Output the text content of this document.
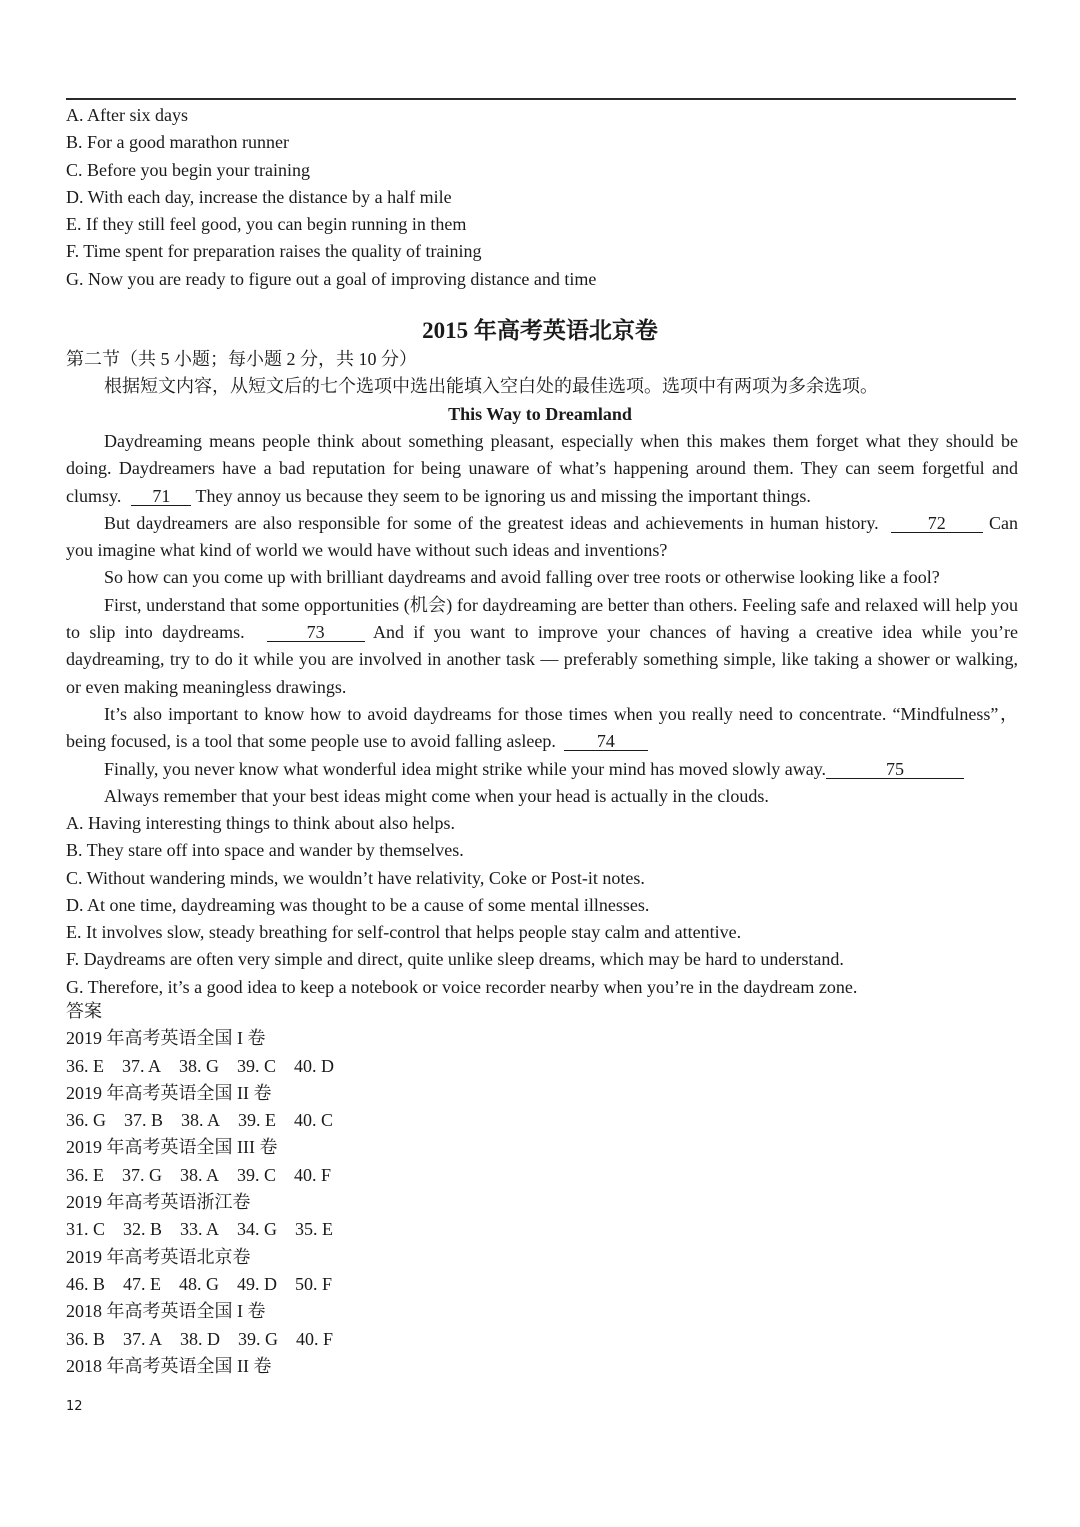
A. After six days
B. For a good marathon runner
C. Before you begin your training
D. With each day, increase the distance by a half mile
E. If they still feel good, you can begin running in them
F. Time spent for preparation raises the quality of training
G. Now you are ready to figure out a goal of improving distance and time
2015 年高考英语北京卷
第二节（共 5 小题；每小题 2 分，共 10 分）
根据短文内容，从短文后的七个选项中选出能填入空白处的最佳选项。选项中有两项为多余选项。
This Way to Dreamland

Daydreaming means people think about something pleasant, especially when this makes them forget what they should be doing. Daydreamers have a bad reputation for being unaware of what’s happening around them. They can seem forgetful and clumsy. 71 They annoy us because they seem to be ignoring us and missing the important things.

But daydreamers are also responsible for some of the greatest ideas and achievements in human history.	72 Can you imagine what kind of world we would have without such ideas and inventions?

So how can you come up with brilliant daydreams and avoid falling over tree roots or otherwise looking like a fool?

First, understand that some opportunities (机会) for daydreaming are better than others. Feeling safe and relaxed will help you to slip into daydreams.	73	And if you want to improve your chances of having a creative idea while you’re daydreaming, try to do it while you are involved in another task — preferably something simple, like taking a shower or walking, or even making meaningless drawings.

It’s also important to know how to avoid daydreams for those times when you really need to concentrate. “Mindfulness”，being focused, is a tool that some people use to avoid falling asleep. 74

Finally, you never know what wonderful idea might strike while your mind has moved slowly away.	75

Always remember that your best ideas might come when your head is actually in the clouds.

A. Having interesting things to think about also helps.
B. They stare off into space and wander by themselves.
C. Without wandering minds, we wouldn’t have relativity, Coke or Post-it notes.
D. At one time, daydreaming was thought to be a cause of some mental illnesses.
E. It involves slow, steady breathing for self-control that helps people stay calm and attentive.
F. Daydreams are often very simple and direct, quite unlike sleep dreams, which may be hard to understand.
G. Therefore, it’s a good idea to keep a notebook or voice recorder nearby when you’re in the daydream zone.
答案
2019 年高考英语全国 I 卷
36. E 37. A 38. G 39. C 40. D
2019 年高考英语全国 II 卷
36. G 37. B 38. A 39. E 40. C
2019 年高考英语全国 III 卷
36. E 37. G 38. A 39. C 40. F
2019 年高考英语浙江卷
31. C 32. B 33. A 34. G 35. E
2019 年高考英语北京卷
46. B 47. E 48. G 49. D 50. F
2018 年高考英语全国 I 卷
36. B 37. A 38. D 39. G 40. F
2018 年高考英语全国 II 卷
12
